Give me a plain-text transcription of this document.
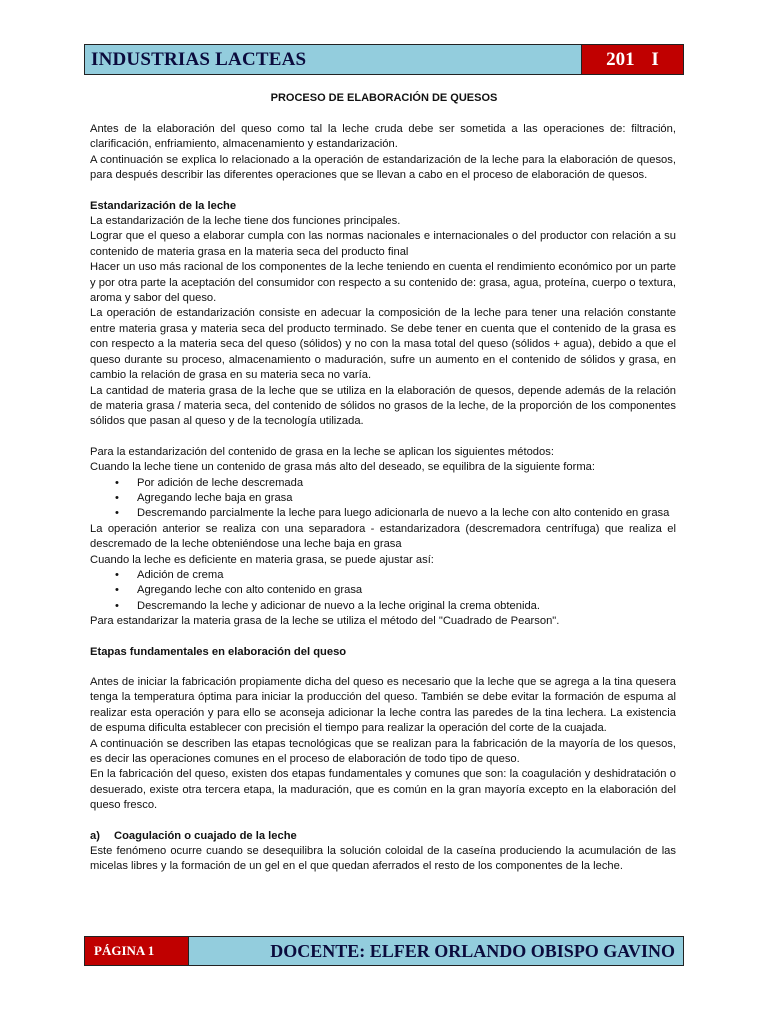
INDUSTRIAS LACTEAS	201 I
PROCESO DE ELABORACIÓN DE QUESOS

Antes de la elaboración del queso como tal la leche cruda debe ser sometida a las operaciones de: filtración, clarificación, enfriamiento, almacenamiento y estandarización.

A continuación se explica lo relacionado a la operación de estandarización de la leche para la elaboración de quesos, para después describir las diferentes operaciones que se llevan a cabo en el proceso de elaboración de quesos.

Estandarización de la leche

La estandarización de la leche tiene dos funciones principales.

Lograr que el queso a elaborar cumpla con las normas nacionales e internacionales o del productor con relación a su contenido de materia grasa en la materia seca del producto final

Hacer un uso más racional de los componentes de la leche teniendo en cuenta el rendimiento económico por un parte y por otra parte la aceptación del consumidor con respecto a su contenido de: grasa, agua, proteína, cuerpo o textura, aroma y sabor del queso.

La operación de estandarización consiste en adecuar la composición de la leche para tener una relación constante entre materia grasa y materia seca del producto terminado. Se debe tener en cuenta que el contenido de la grasa es con respecto a la materia seca del queso (sólidos) y no con la masa total del queso (sólidos + agua), debido a que el queso durante su proceso, almacenamiento o maduración, sufre un aumento en el contenido de sólidos y grasa, en cambio la relación de grasa en su materia seca no varía.

La cantidad de materia grasa de la leche que se utiliza en la elaboración de quesos, depende además de la relación de materia grasa / materia seca, del contenido de sólidos no grasos de la leche, de la proporción de los componentes sólidos que pasan al queso y de la tecnología utilizada.

Para la estandarización del contenido de grasa en la leche se aplican los siguientes métodos:

Cuando la leche tiene un contenido de grasa más alto del deseado, se equilibra de la siguiente forma:

• Por adición de leche descremada
• Agregando leche baja en grasa
• Descremando parcialmente la leche para luego adicionarla de nuevo a la leche con alto contenido en grasa

La operación anterior se realiza con una separadora - estandarizadora (descremadora centrífuga) que realiza el descremado de la leche obteniéndose una leche baja en grasa

Cuando la leche es deficiente en materia grasa, se puede ajustar así:

• Adición de crema
• Agregando leche con alto contenido en grasa
• Descremando la leche y adicionar de nuevo a la leche original la crema obtenida.

Para estandarizar la materia grasa de la leche se utiliza el método del "Cuadrado de Pearson".

Etapas fundamentales en elaboración del queso

Antes de iniciar la fabricación propiamente dicha del queso es necesario que la leche que se agrega a la tina quesera tenga la temperatura óptima para iniciar la producción del queso. También se debe evitar la formación de espuma al realizar esta operación y para ello se aconseja adicionar la leche contra las paredes de la tina lechera. La existencia de espuma dificulta establecer con precisión el tiempo para realizar la operación del corte de la cuajada.

A continuación se describen las etapas tecnológicas que se realizan para la fabricación de la mayoría de los quesos, es decir las operaciones comunes en el proceso de elaboración de todo tipo de queso.

En la fabricación del queso, existen dos etapas fundamentales y comunes que son: la coagulación y deshidratación o desuerado, existe otra tercera etapa, la maduración, que es común en la gran mayoría excepto en la elaboración del queso fresco.

a) Coagulación o cuajado de la leche

Este fenómeno ocurre cuando se desequilibra la solución coloidal de la caseína produciendo la acumulación de las micelas libres y la formación de un gel en el que quedan aferrados el resto de los componentes de la leche.

PÁGINA 1	DOCENTE: ELFER ORLANDO OBISPO GAVINO
